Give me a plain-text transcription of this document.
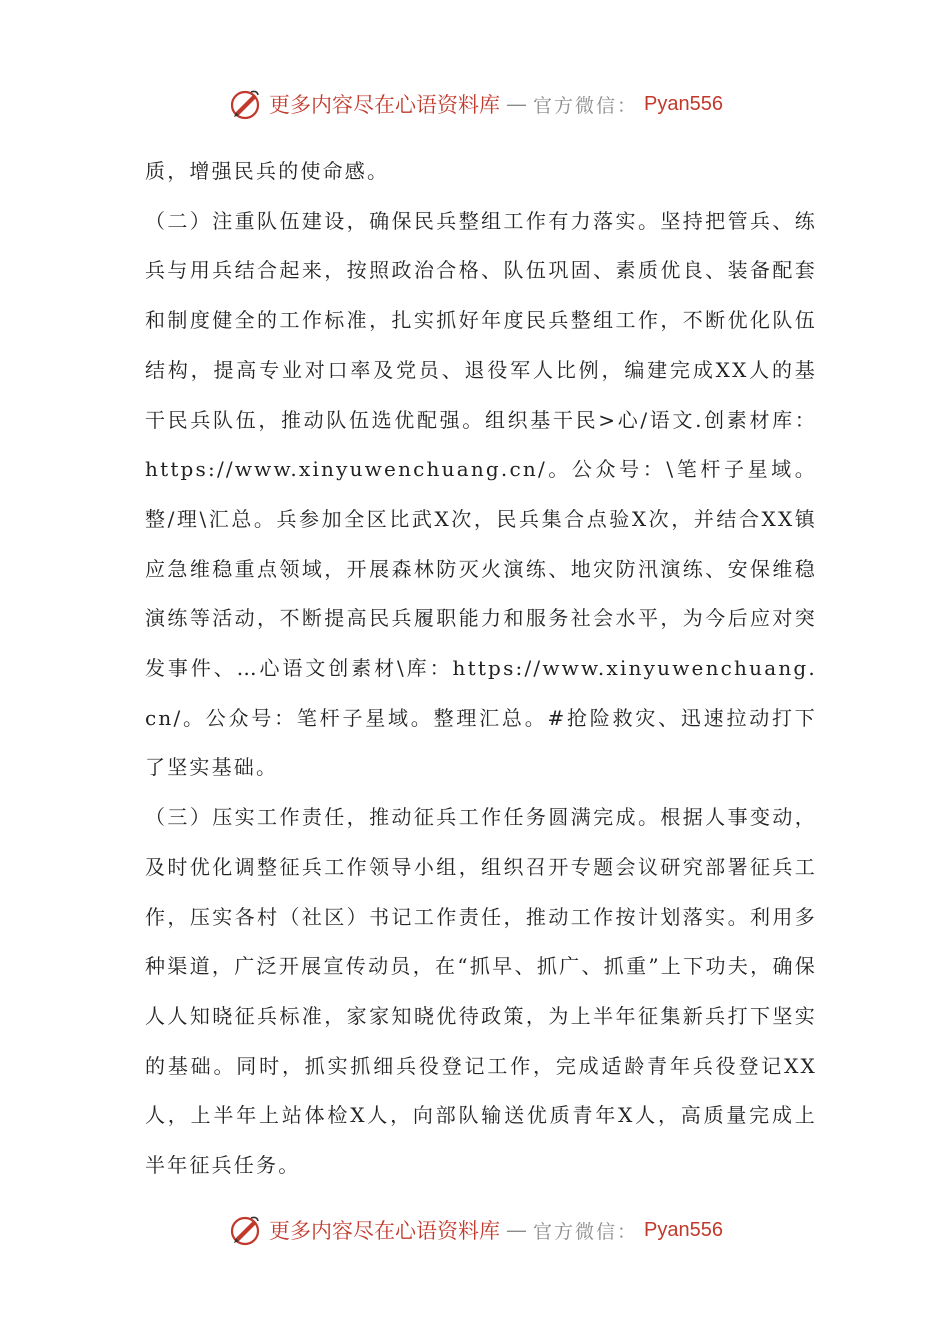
更多内容尽在心语资料库 — 官方微信： Pyan556

质，增强民兵的使命感。

（二）注重队伍建设，确保民兵整组工作有力落实。坚持把管兵、练兵与用兵结合起来，按照政治合格、队伍巩固、素质优良、装备配套和制度健全的工作标准，扎实抓好年度民兵整组工作，不断优化队伍结构，提高专业对口率及党员、退役军人比例，编建完成XX人的基干民兵队伍，推动队伍选优配强。组织基干民>心/语文.创素材库：https://www.xinyuwenchuang.cn/。公众号：\笔杆子星域。整/理\汇总。兵参加全区比武X次，民兵集合点验X次，并结合XX镇应急维稳重点领域，开展森林防灭火演练、地灾防汛演练、安保维稳演练等活动，不断提高民兵履职能力和服务社会水平，为今后应对突发事件、…心语文创素材\库：https://www.xinyuwenchuang.cn/。公众号：笔杆子星域。整理汇总。#抢险救灾、迅速拉动打下了坚实基础。

（三）压实工作责任，推动征兵工作任务圆满完成。根据人事变动，及时优化调整征兵工作领导小组，组织召开专题会议研究部署征兵工作，压实各村（社区）书记工作责任，推动工作按计划落实。利用多种渠道，广泛开展宣传动员，在“抓早、抓广、抓重”上下功夫，确保人人知晓征兵标准，家家知晓优待政策，为上半年征集新兵打下坚实的基础。同时，抓实抓细兵役登记工作，完成适龄青年兵役登记XX人，上半年上站体检X人，向部队输送优质青年X人，高质量完成上半年征兵任务。

更多内容尽在心语资料库 — 官方微信： Pyan556
